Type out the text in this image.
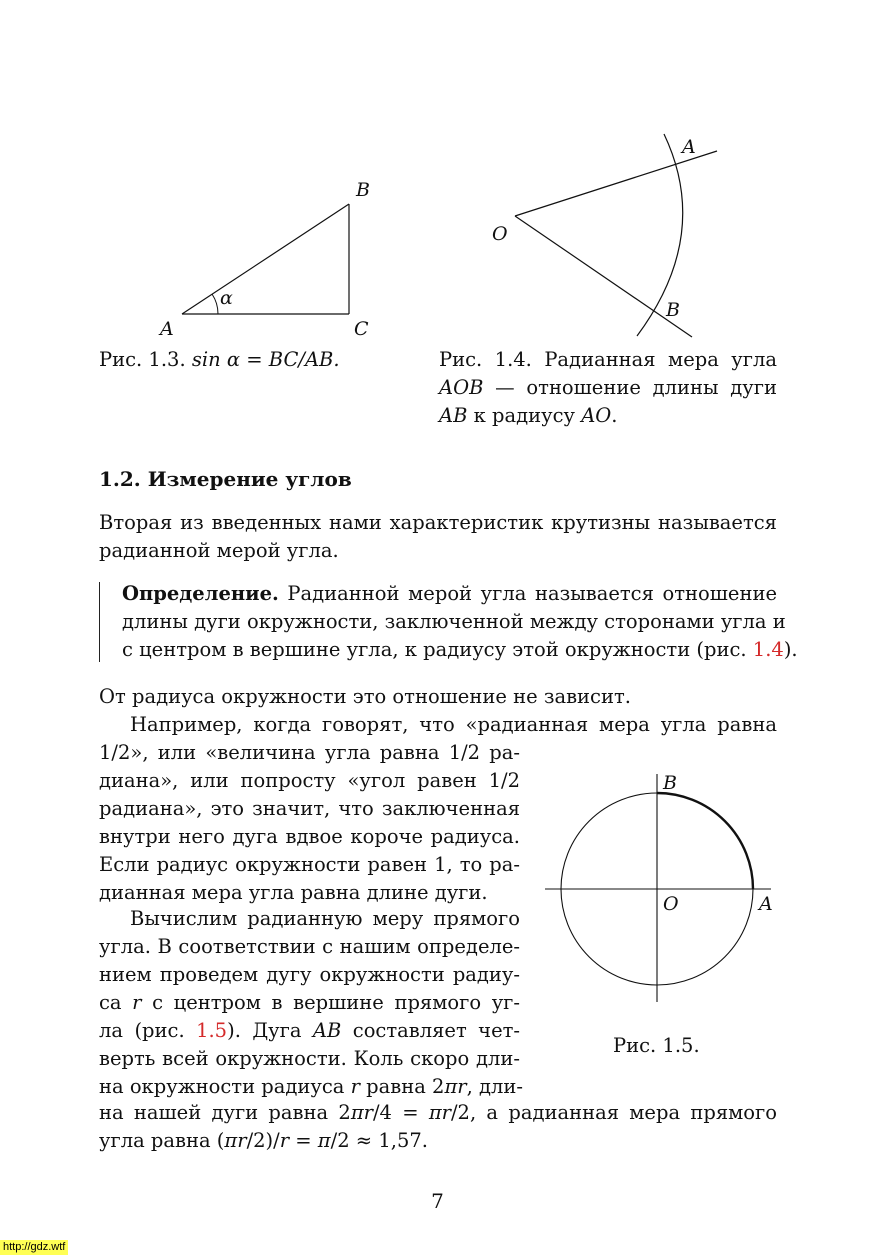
α
A
B
C
Рис. 1.3. sin α = BC/AB.
A
O
B
Рис. 1.4. Радианная мера угла
AOB — отношение длины дуги
AB к радиусу AO.
1.2. Измерение углов
Вторая из введенных нами характеристик крутизны называется
радианной мерой угла.
Определение. Радианной мерой угла называется отношение
длины дуги окружности, заключенной между сторонами угла и
с центром в вершине угла, к радиусу этой окружности (рис. 1.4).
От радиуса окружности это отношение не зависит.
Например, когда говорят, что «радианная мера угла равна
1/2», или «величина угла равна 1/2 ра-
диана», или попросту «угол равен 1/2
радиана», это значит, что заключенная
внутри него дуга вдвое короче радиуса.
Если радиус окружности равен 1, то ра-
дианная мера угла равна длине дуги.
Вычислим радианную меру прямого
угла. В соответствии с нашим определе-
нием проведем дугу окружности радиу-
са r с центром в вершине прямого уг-
ла (рис. 1.5). Дуга AB составляет чет-
верть всей окружности. Коль скоро дли-
на окружности радиуса r равна 2πr, дли-
на нашей дуги равна 2πr/4 = πr/2, а радианная мера прямого
угла равна (πr/2)/r = π/2 ≈ 1,57.
B
O	A
Рис. 1.5.
7
http://gdz.wtf
